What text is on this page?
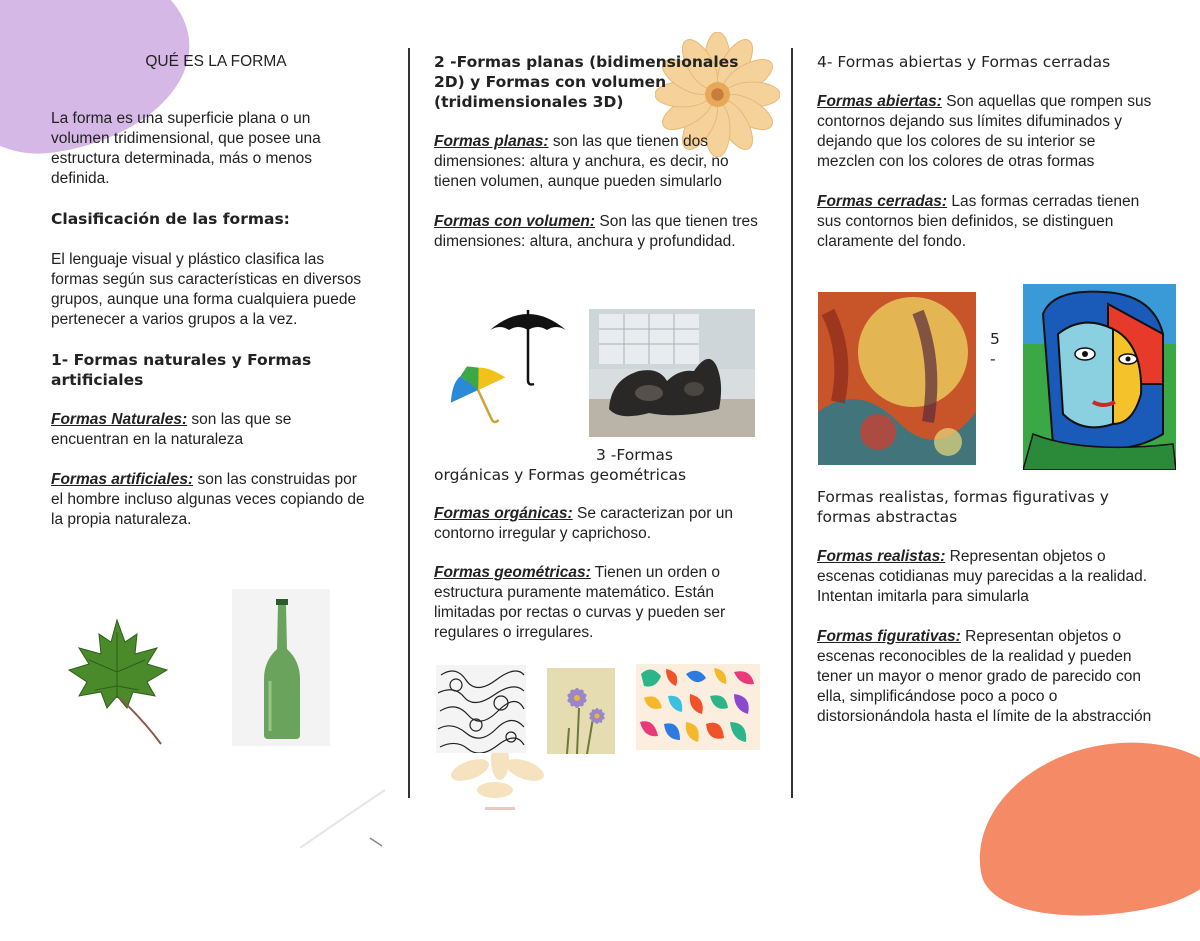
QUÉ ES LA FORMA

La forma es una superficie plana o un volumen tridimensional, que posee una estructura determinada, más o menos definida.

Clasificación de las formas:

El lenguaje visual y plástico clasifica las formas según sus características en diversos grupos, aunque una forma cualquiera puede pertenecer a varios grupos a la vez.

1- Formas naturales y Formas artificiales

Formas Naturales: son las que se encuentran en la naturaleza

Formas artificiales: son las construidas por el hombre incluso algunas veces copiando de la propia naturaleza.

2 -Formas planas (bidimensionales 2D) y Formas con volumen (tridimensionales 3D)

Formas planas: son las que tienen dos dimensiones: altura y anchura, es decir, no tienen volumen, aunque pueden simularlo

Formas con volumen: Son las que tienen tres dimensiones: altura, anchura y profundidad.

3 -Formas

orgánicas y Formas geométricas

Formas orgánicas: Se caracterizan por un contorno irregular y caprichoso.

Formas geométricas: Tienen un orden o estructura puramente matemático. Están limitadas por rectas o curvas y pueden ser regulares o irregulares.

4- Formas abiertas y Formas cerradas

Formas abiertas: Son aquellas que rompen sus contornos dejando sus límites difuminados y dejando que los colores de su interior se mezclen con los colores de otras formas

Formas cerradas: Las formas cerradas tienen sus contornos bien definidos, se distinguen claramente del fondo.

5

-

Formas realistas, formas figurativas y formas abstractas

Formas realistas: Representan objetos o escenas cotidianas muy parecidas a la realidad. Intentan imitarla para simularla

Formas figurativas: Representan objetos o escenas reconocibles de la realidad y pueden tener un mayor o menor grado de parecido con ella, simplificándose poco a poco o distorsionándola hasta el límite de la abstracción
